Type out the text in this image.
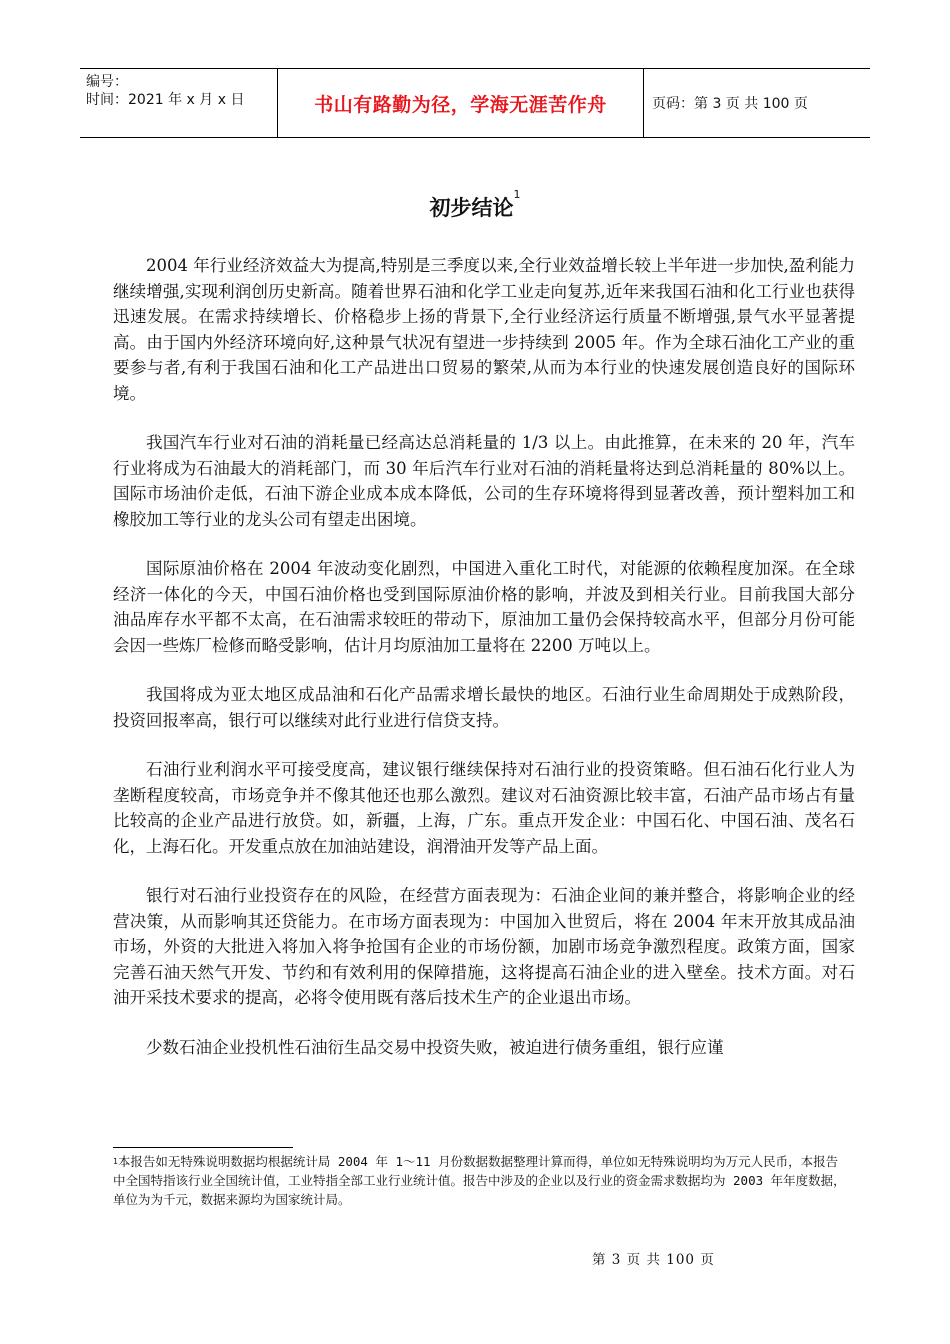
编号：
时间：2021 年 x 月 x 日	书山有路勤为径，学海无涯苦作舟	页码：第 3 页 共 100 页
初步结论$^1$

2004 年行业经济效益大为提高,特别是三季度以来,全行业效益增长较上半年进一步加快,盈利能力继续增强,实现利润创历史新高。随着世界石油和化学工业走向复苏,近年来我国石油和化工行业也获得迅速发展。在需求持续增长、价格稳步上扬的背景下,全行业经济运行质量不断增强,景气水平显著提高。由于国内外经济环境向好,这种景气状况有望进一步持续到 2005 年。作为全球石油化工产业的重要参与者,有利于我国石油和化工产品进出口贸易的繁荣,从而为本行业的快速发展创造良好的国际环境。

我国汽车行业对石油的消耗量已经高达总消耗量的 1/3 以上。由此推算，在未来的 20 年，汽车行业将成为石油最大的消耗部门，而 30 年后汽车行业对石油的消耗量将达到总消耗量的 80%以上。国际市场油价走低，石油下游企业成本成本降低，公司的生存环境将得到显著改善，预计塑料加工和橡胶加工等行业的龙头公司有望走出困境。

国际原油价格在 2004 年波动变化剧烈，中国进入重化工时代，对能源的依赖程度加深。在全球经济一体化的今天，中国石油价格也受到国际原油价格的影响，并波及到相关行业。目前我国大部分油品库存水平都不太高，在石油需求较旺的带动下，原油加工量仍会保持较高水平，但部分月份可能会因一些炼厂检修而略受影响，估计月均原油加工量将在 2200 万吨以上。

我国将成为亚太地区成品油和石化产品需求增长最快的地区。石油行业生命周期处于成熟阶段，投资回报率高，银行可以继续对此行业进行信贷支持。

石油行业利润水平可接受度高，建议银行继续保持对石油行业的投资策略。但石油石化行业人为垄断程度较高，市场竞争并不像其他还也那么激烈。建议对石油资源比较丰富，石油产品市场占有量比较高的企业产品进行放贷。如，新疆，上海，广东。重点开发企业：中国石化、中国石油、茂名石化，上海石化。开发重点放在加油站建设，润滑油开发等产品上面。

银行对石油行业投资存在的风险，在经营方面表现为：石油企业间的兼并整合，将影响企业的经营决策，从而影响其还贷能力。在市场方面表现为：中国加入世贸后，将在 2004 年末开放其成品油市场，外资的大批进入将加入将争抢国有企业的市场份额，加剧市场竞争激烈程度。政策方面，国家完善石油天然气开发、节约和有效利用的保障措施，这将提高石油企业的进入壁垒。技术方面。对石油开采技术要求的提高，必将令使用既有落后技术生产的企业退出市场。

少数石油企业投机性石油衍生品交易中投资失败，被迫进行债务重组，银行应谨

$^1$本报告如无特殊说明数据均根据统计局 2004 年 1～11 月份数据数据整理计算而得，单位如无特殊说明均为万元人民币，本报告中全国特指该行业全国统计值，工业特指全部工业行业统计值。报告中涉及的企业以及行业的资金需求数据均为 2003 年年度数据，单位为为千元，数据来源均为国家统计局。
第 3 页 共 100 页
